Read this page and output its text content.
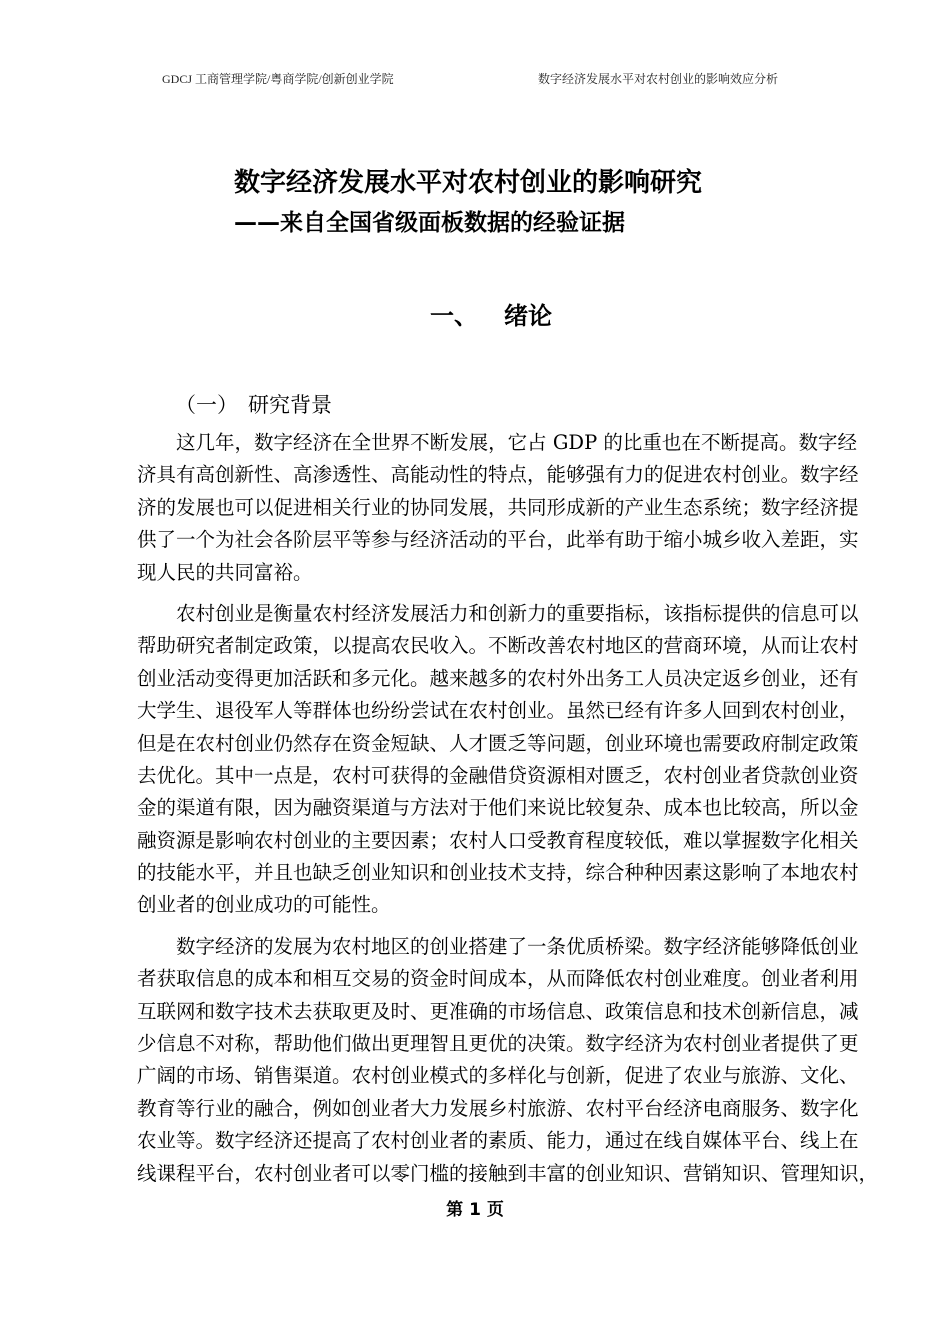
GDCJ 工商管理学院/粤商学院/创新创业学院	数字经济发展水平对农村创业的影响效应分析
数字经济发展水平对农村创业的影响研究
——来自全国省级面板数据的经验证据
一、 绪论
（一） 研究背景
这几年，数字经济在全世界不断发展，它占 GDP 的比重也在不断提高。数字经
济具有高创新性、高渗透性、高能动性的特点，能够强有力的促进农村创业。数字经
济的发展也可以促进相关行业的协同发展，共同形成新的产业生态系统；数字经济提
供了一个为社会各阶层平等参与经济活动的平台，此举有助于缩小城乡收入差距，实
现人民的共同富裕。
农村创业是衡量农村经济发展活力和创新力的重要指标，该指标提供的信息可以
帮助研究者制定政策，以提高农民收入。不断改善农村地区的营商环境，从而让农村
创业活动变得更加活跃和多元化。越来越多的农村外出务工人员决定返乡创业，还有
大学生、退役军人等群体也纷纷尝试在农村创业。虽然已经有许多人回到农村创业，
但是在农村创业仍然存在资金短缺、人才匮乏等问题，创业环境也需要政府制定政策
去优化。其中一点是，农村可获得的金融借贷资源相对匮乏，农村创业者贷款创业资
金的渠道有限，因为融资渠道与方法对于他们来说比较复杂、成本也比较高，所以金
融资源是影响农村创业的主要因素；农村人口受教育程度较低，难以掌握数字化相关
的技能水平，并且也缺乏创业知识和创业技术支持，综合种种因素这影响了本地农村
创业者的创业成功的可能性。
数字经济的发展为农村地区的创业搭建了一条优质桥梁。数字经济能够降低创业
者获取信息的成本和相互交易的资金时间成本，从而降低农村创业难度。创业者利用
互联网和数字技术去获取更及时、更准确的市场信息、政策信息和技术创新信息，减
少信息不对称，帮助他们做出更理智且更优的决策。数字经济为农村创业者提供了更
广阔的市场、销售渠道。农村创业模式的多样化与创新，促进了农业与旅游、文化、
教育等行业的融合，例如创业者大力发展乡村旅游、农村平台经济电商服务、数字化
农业等。数字经济还提高了农村创业者的素质、能力，通过在线自媒体平台、线上在
线课程平台，农村创业者可以零门槛的接触到丰富的创业知识、营销知识、管理知识，
第 1 页
